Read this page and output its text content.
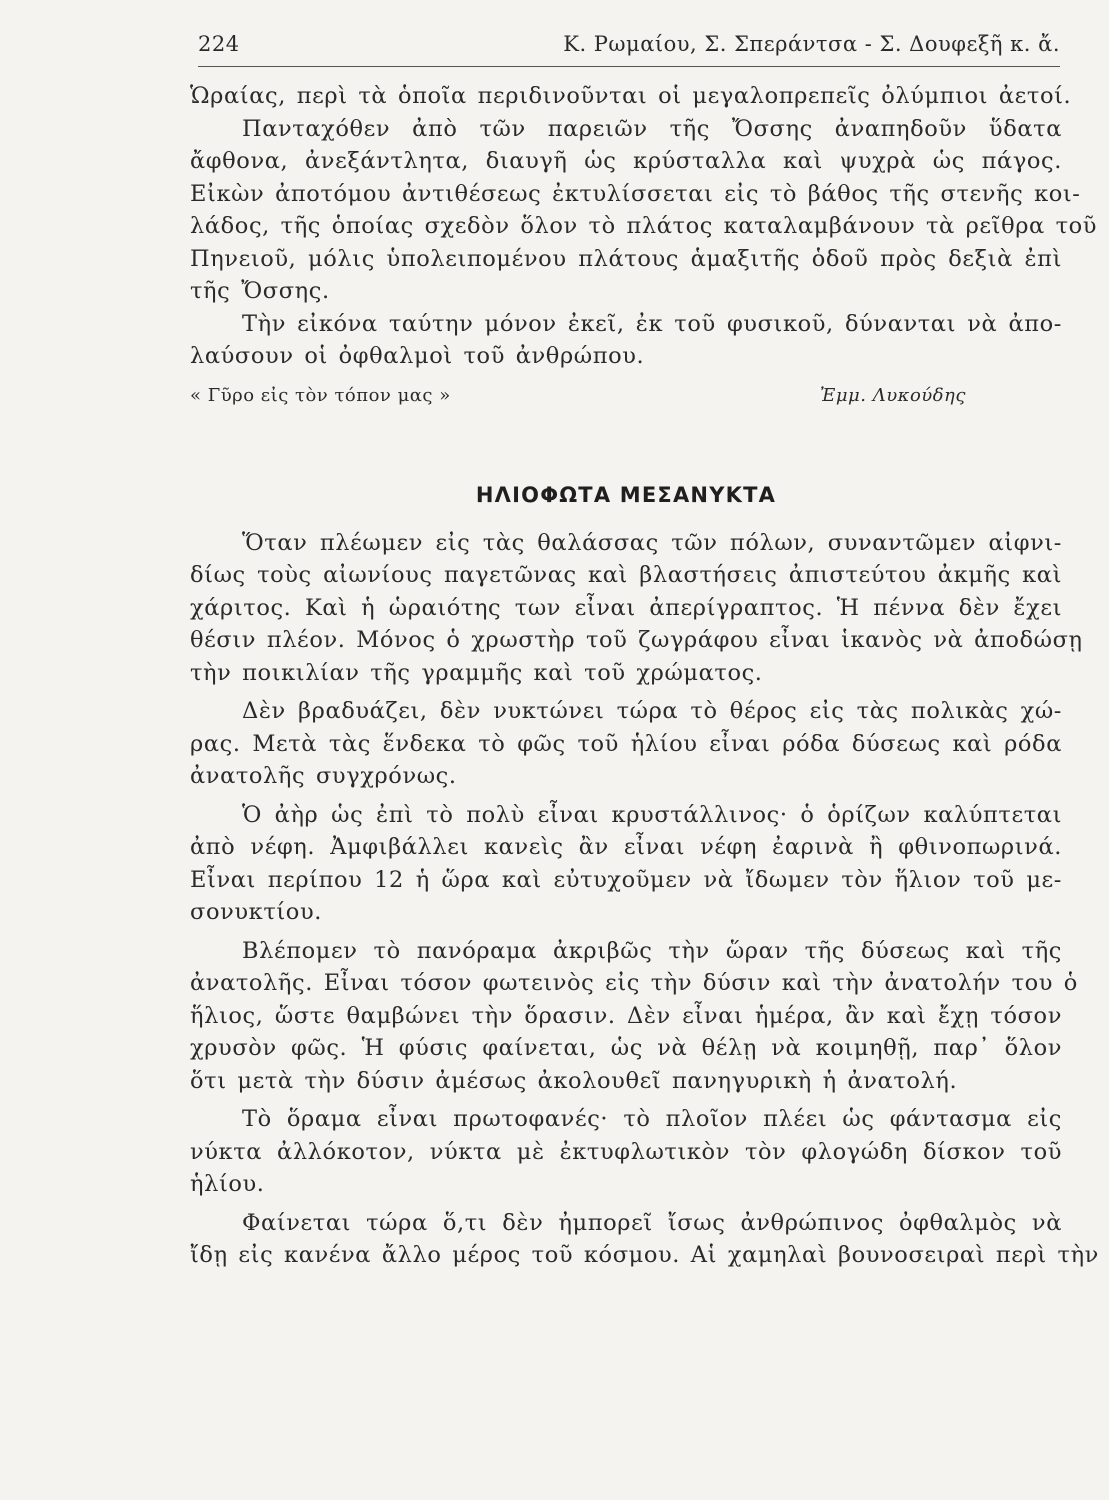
224	Κ. Ρωμαίου, Σ. Σπεράντσα - Σ. Δουφεξῆ κ. ἄ.
Ὡραίας, περὶ τὰ ὁποῖα περιδινοῦνται οἱ μεγαλοπρεπεῖς ὀλύμπιοι ἀετοί.
Πανταχόθεν ἀπὸ τῶν παρειῶν τῆς Ὄσσης ἀναπηδοῦν ὕδατα
ἄφθονα, ἀνεξάντλητα, διαυγῆ ὡς κρύσταλλα καὶ ψυχρὰ ὡς πάγος.
Εἰκὼν ἀποτόμου ἀντιθέσεως ἐκτυλίσσεται εἰς τὸ βάθος τῆς στενῆς κοι-
λάδος, τῆς ὁποίας σχεδὸν ὅλον τὸ πλάτος καταλαμβάνουν τὰ ρεῖθρα τοῦ
Πηνειοῦ, μόλις ὑπολειπομένου πλάτους ἁμαξιτῆς ὁδοῦ πρὸς δεξιὰ ἐπὶ
τῆς Ὄσσης.
Τὴν εἰκόνα ταύτην μόνον ἐκεῖ, ἐκ τοῦ φυσικοῦ, δύνανται νὰ ἀπο-
λαύσουν οἱ ὀφθαλμοὶ τοῦ ἀνθρώπου.
« Γῦρο εἰς τὸν τόπον μας »	Ἐμμ. Λυκούδης
ΗΛΙΟΦΩΤΑ ΜΕΣΑΝΥΚΤΑ
Ὅταν πλέωμεν εἰς τὰς θαλάσσας τῶν πόλων, συναντῶμεν αἰφνι-
δίως τοὺς αἰωνίους παγετῶνας καὶ βλαστήσεις ἀπιστεύτου ἀκμῆς καὶ
χάριτος. Καὶ ἡ ὡραιότης των εἶναι ἀπερίγραπτος. Ἡ πέννα δὲν ἔχει
θέσιν πλέον. Μόνος ὁ χρωστὴρ τοῦ ζωγράφου εἶναι ἱκανὸς νὰ ἀποδώσῃ
τὴν ποικιλίαν τῆς γραμμῆς καὶ τοῦ χρώματος.
Δὲν βραδυάζει, δὲν νυκτώνει τώρα τὸ θέρος εἰς τὰς πολικὰς χώ-
ρας. Μετὰ τὰς ἕνδεκα τὸ φῶς τοῦ ἡλίου εἶναι ρόδα δύσεως καὶ ρόδα
ἀνατολῆς συγχρόνως.
Ὁ ἀὴρ ὡς ἐπὶ τὸ πολὺ εἶναι κρυστάλλινος· ὁ ὁρίζων καλύπτεται
ἀπὸ νέφη. Ἀμφιβάλλει κανεὶς ἂν εἶναι νέφη ἐαρινὰ ἢ φθινοπωρινά.
Εἶναι περίπου 12 ἡ ὥρα καὶ εὐτυχοῦμεν νὰ ἴδωμεν τὸν ἥλιον τοῦ με-
σονυκτίου.
Βλέπομεν τὸ πανόραμα ἀκριβῶς τὴν ὥραν τῆς δύσεως καὶ τῆς
ἀνατολῆς. Εἶναι τόσον φωτεινὸς εἰς τὴν δύσιν καὶ τὴν ἀνατολήν του ὁ
ἥλιος, ὥστε θαμβώνει τὴν ὅρασιν. Δὲν εἶναι ἡμέρα, ἂν καὶ ἔχῃ τόσον
χρυσὸν φῶς. Ἡ φύσις φαίνεται, ὡς νὰ θέλῃ νὰ κοιμηθῇ, παρ᾽ ὅλον
ὅτι μετὰ τὴν δύσιν ἀμέσως ἀκολουθεῖ πανηγυρικὴ ἡ ἀνατολή.
Τὸ ὅραμα εἶναι πρωτοφανές· τὸ πλοῖον πλέει ὡς φάντασμα εἰς
νύκτα ἀλλόκοτον, νύκτα μὲ ἐκτυφλωτικὸν τὸν φλογώδη δίσκον τοῦ
ἡλίου.
Φαίνεται τώρα ὅ,τι δὲν ἠμπορεῖ ἴσως ἀνθρώπινος ὀφθαλμὸς νὰ
ἴδῃ εἰς κανένα ἄλλο μέρος τοῦ κόσμου. Αἱ χαμηλαὶ βουνοσειραὶ περὶ τὴν
